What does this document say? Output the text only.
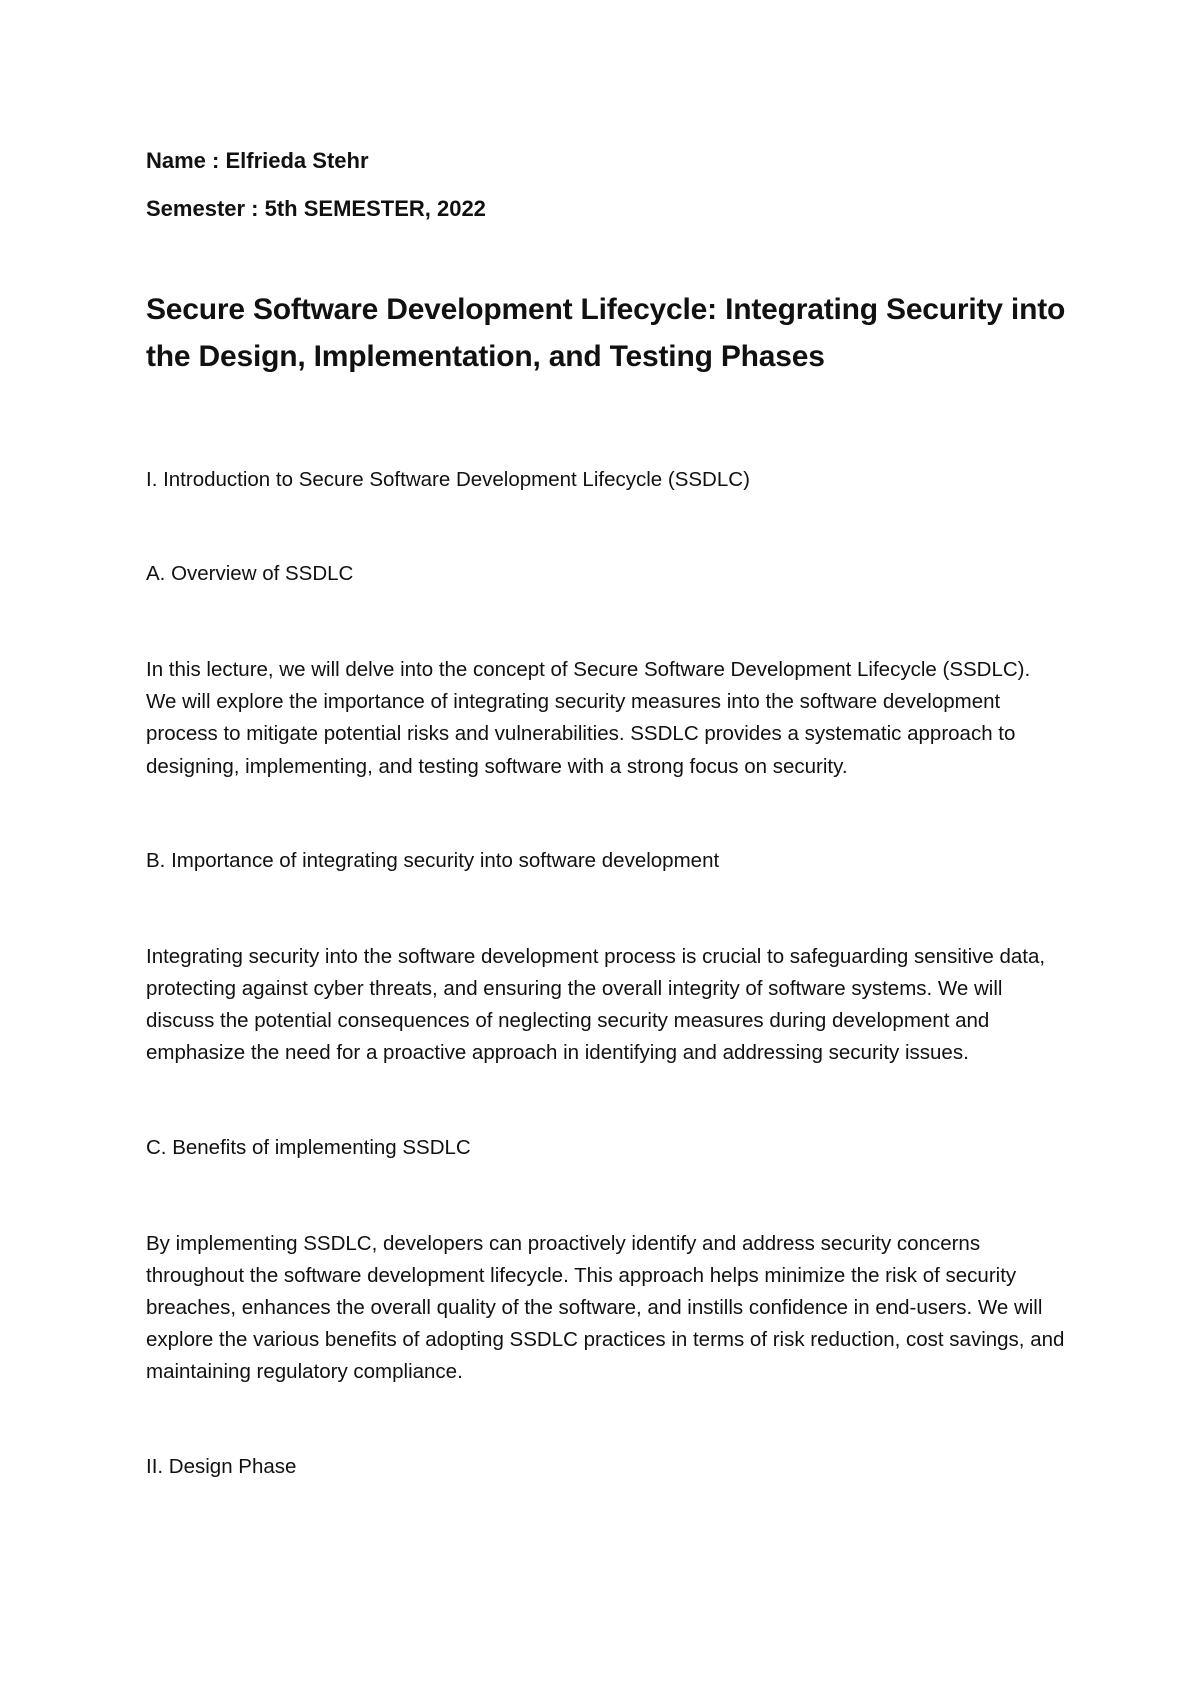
Name : Elfrieda Stehr

Semester : 5th SEMESTER, 2022

Secure Software Development Lifecycle: Integrating Security into the Design, Implementation, and Testing Phases

I. Introduction to Secure Software Development Lifecycle (SSDLC)

A. Overview of SSDLC

In this lecture, we will delve into the concept of Secure Software Development Lifecycle (SSDLC). We will explore the importance of integrating security measures into the software development process to mitigate potential risks and vulnerabilities. SSDLC provides a systematic approach to designing, implementing, and testing software with a strong focus on security.

B. Importance of integrating security into software development

Integrating security into the software development process is crucial to safeguarding sensitive data, protecting against cyber threats, and ensuring the overall integrity of software systems. We will discuss the potential consequences of neglecting security measures during development and emphasize the need for a proactive approach in identifying and addressing security issues.

C. Benefits of implementing SSDLC

By implementing SSDLC, developers can proactively identify and address security concerns throughout the software development lifecycle. This approach helps minimize the risk of security breaches, enhances the overall quality of the software, and instills confidence in end-users. We will explore the various benefits of adopting SSDLC practices in terms of risk reduction, cost savings, and maintaining regulatory compliance.

II. Design Phase
